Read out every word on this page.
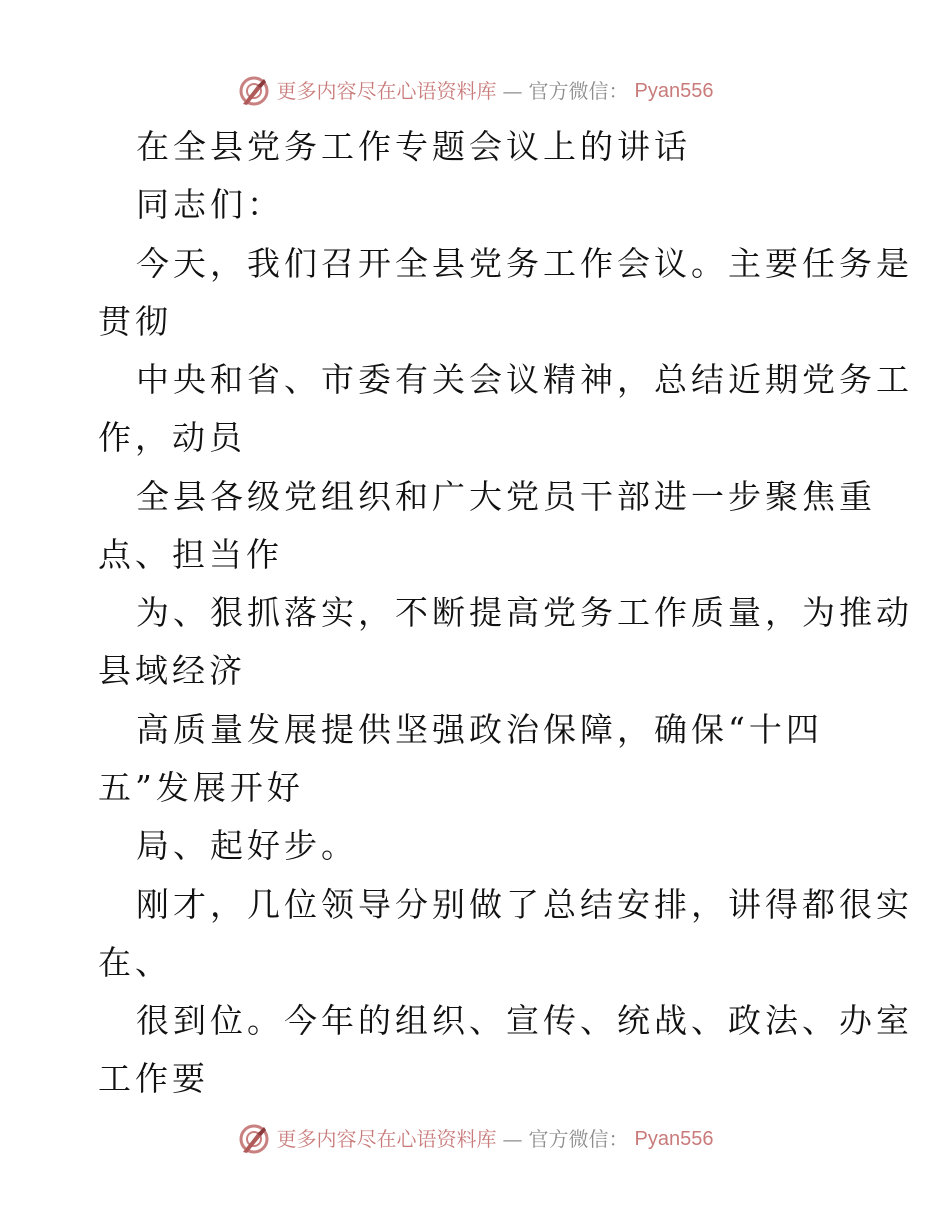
更多内容尽在心语资料库 — 官方微信： Pyan556
在全县党务工作专题会议上的讲话
同志们：
今天，我们召开全县党务工作会议。主要任务是
贯彻
中央和省、市委有关会议精神，总结近期党务工
作，动员
全县各级党组织和广大党员干部进一步聚焦重
点、担当作
为、狠抓落实，不断提高党务工作质量，为推动
县域经济
高质量发展提供坚强政治保障，确保“十四
五”发展开好
局、起好步。
刚才，几位领导分别做了总结安排，讲得都很实
在、
很到位。今年的组织、宣传、统战、政法、办室
工作要
更多内容尽在心语资料库 — 官方微信： Pyan556
